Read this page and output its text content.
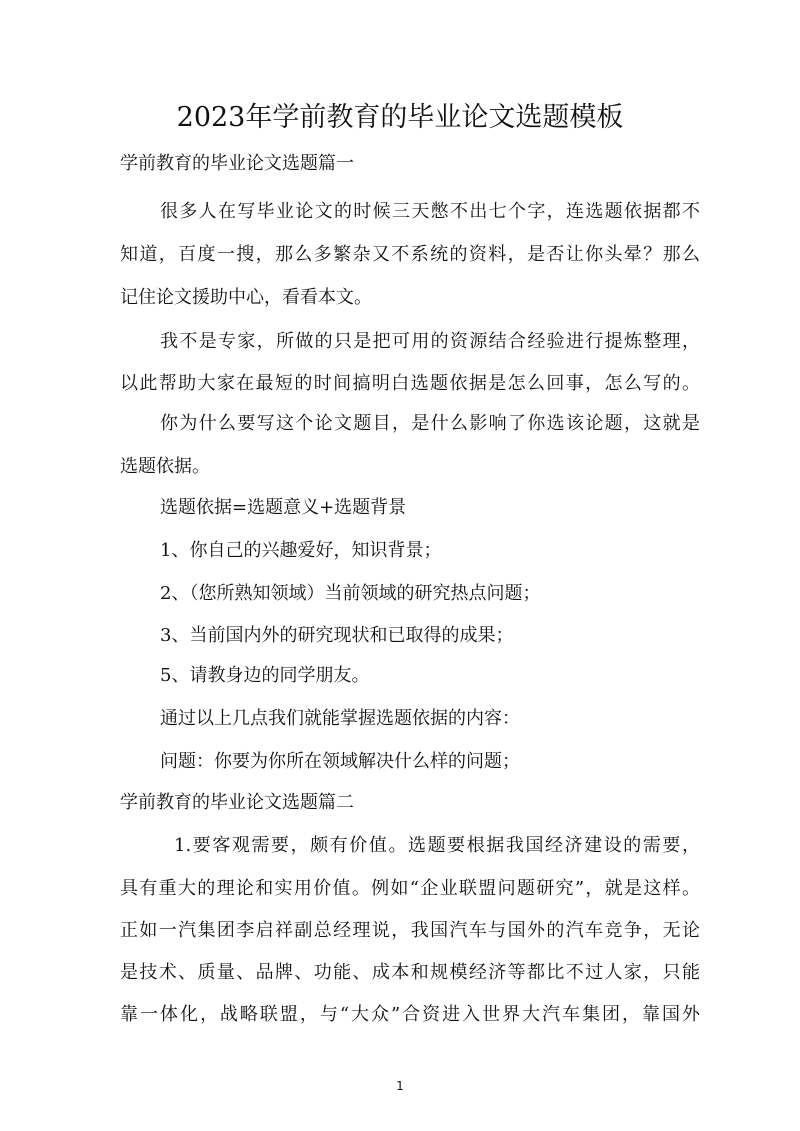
2023年学前教育的毕业论文选题模板

学前教育的毕业论文选题篇一

很多人在写毕业论文的时候三天憋不出七个字，连选题依据都不

知道，百度一搜，那么多繁杂又不系统的资料，是否让你头晕？那么

记住论文援助中心，看看本文。

我不是专家，所做的只是把可用的资源结合经验进行提炼整理，

以此帮助大家在最短的时间搞明白选题依据是怎么回事，怎么写的。

你为什么要写这个论文题目，是什么影响了你选该论题，这就是

选题依据。

选题依据=选题意义+选题背景

1、你自己的兴趣爱好，知识背景；

2、（您所熟知领域）当前领域的研究热点问题；

3、当前国内外的研究现状和已取得的成果；

5、请教身边的同学朋友。

通过以上几点我们就能掌握选题依据的内容：

问题：你要为你所在领域解决什么样的问题；

学前教育的毕业论文选题篇二

1.要客观需要，颇有价值。选题要根据我国经济建设的需要，

具有重大的理论和实用价值。例如“企业联盟问题研究”，就是这样。

正如一汽集团李启祥副总经理说，我国汽车与国外的汽车竞争，无论

是技术、质量、品牌、功能、成本和规模经济等都比不过人家，只能

靠一体化，战略联盟，与“大众”合资进入世界大汽车集团，靠国外

1
